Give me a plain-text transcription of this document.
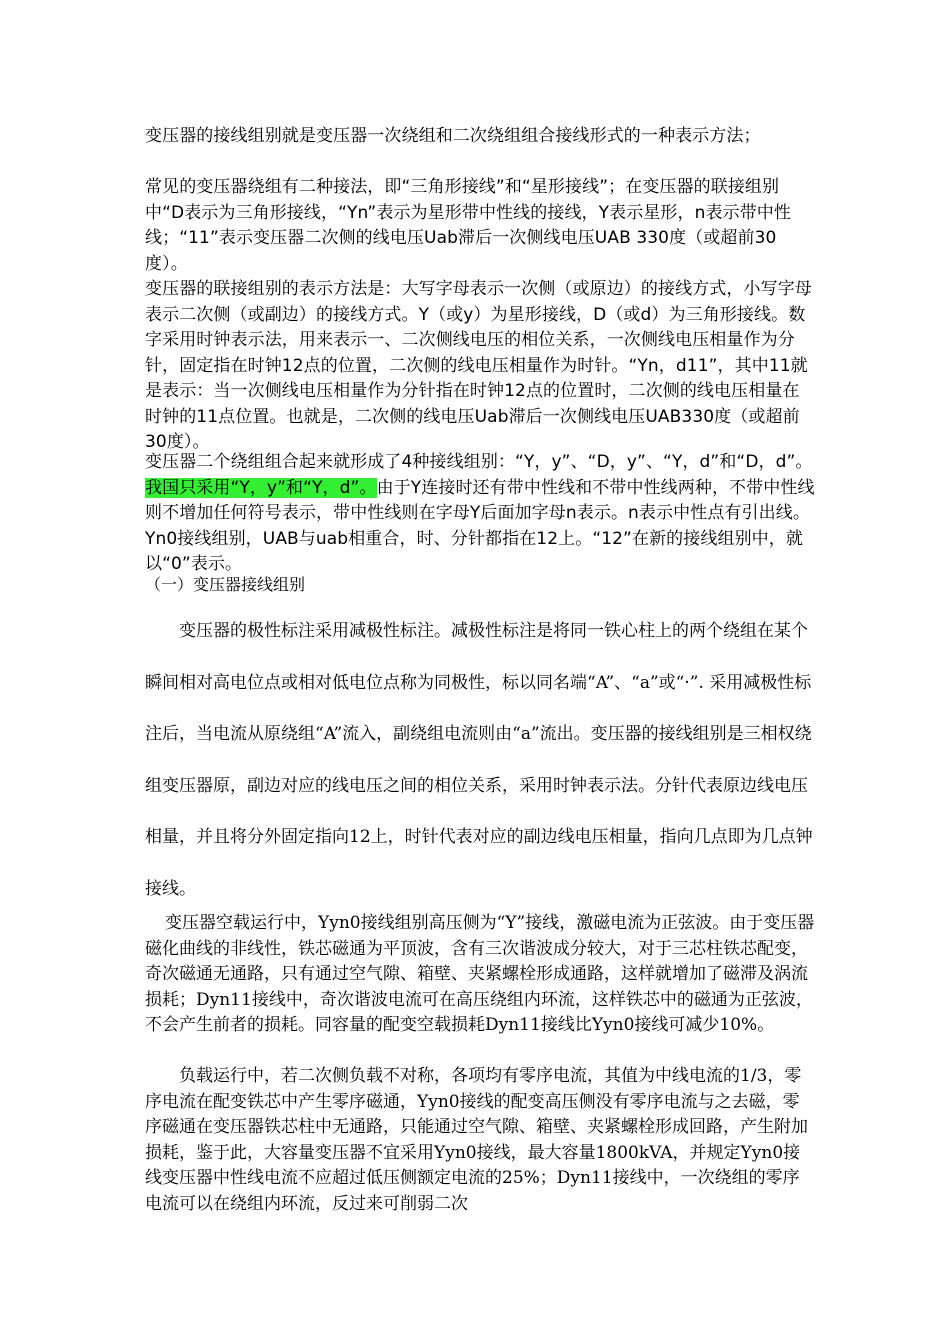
变压器的接线组别就是变压器一次绕组和二次绕组组合接线形式的一种表示方法；

常见的变压器绕组有二种接法，即“三角形接线”和“星形接线”；在变压器的联接组别中“D表示为三角形接线，“Yn”表示为星形带中性线的接线，Y表示星形，n表示带中性线；“11”表示变压器二次侧的线电压Uab滞后一次侧线电压UAB 330度（或超前30度）。

变压器的联接组别的表示方法是：大写字母表示一次侧（或原边）的接线方式，小写字母表示二次侧（或副边）的接线方式。Y（或y）为星形接线，D（或d）为三角形接线。数字采用时钟表示法，用来表示一、二次侧线电压的相位关系，一次侧线电压相量作为分针，固定指在时钟12点的位置，二次侧的线电压相量作为时针。“Yn，d11”，其中11就是表示：当一次侧线电压相量作为分针指在时钟12点的位置时，二次侧的线电压相量在时钟的11点位置。也就是，二次侧的线电压Uab滞后一次侧线电压UAB330度（或超前30度）。

变压器二个绕组组合起来就形成了4种接线组别：“Y，y”、“D，y”、“Y，d”和“D，d”。我国只采用“Y，y”和“Y，d”。由于Y连接时还有带中性线和不带中性线两种，不带中性线则不增加任何符号表示，带中性线则在字母Y后面加字母n表示。n表示中性点有引出线。Yn0接线组别，UAB与uab相重合，时、分针都指在12上。“12”在新的接线组别中，就以“0”表示。

（一）变压器接线组别

变压器的极性标注采用减极性标注。减极性标注是将同一铁心柱上的两个绕组在某个瞬间相对高电位点或相对低电位点称为同极性，标以同名端“A”、“a”或“·”. 采用减极性标注后，当电流从原绕组“A”流入，副绕组电流则由“a”流出。变压器的接线组别是三相权绕组变压器原，副边对应的线电压之间的相位关系，采用时钟表示法。分针代表原边线电压相量，并且将分外固定指向12上，时针代表对应的副边线电压相量，指向几点即为几点钟接线。

变压器空载运行中，Yyn0接线组别高压侧为“Y”接线，激磁电流为正弦波。由于变压器磁化曲线的非线性，铁芯磁通为平顶波，含有三次谐波成分较大，对于三芯柱铁芯配变，奇次磁通无通路，只有通过空气隙、箱壁、夹紧螺栓形成通路，这样就增加了磁滞及涡流损耗；Dyn11接线中，奇次谐波电流可在高压绕组内环流，这样铁芯中的磁通为正弦波，不会产生前者的损耗。同容量的配变空载损耗Dyn11接线比Yyn0接线可减少10%。

负载运行中，若二次侧负载不对称，各项均有零序电流，其值为中线电流的1/3，零序电流在配变铁芯中产生零序磁通，Yyn0接线的配变高压侧没有零序电流与之去磁，零序磁通在变压器铁芯柱中无通路，只能通过空气隙、箱壁、夹紧螺栓形成回路，产生附加损耗，鉴于此，大容量变压器不宜采用Yyn0接线，最大容量1800kVA，并规定Yyn0接线变压器中性线电流不应超过低压侧额定电流的25%；Dyn11接线中，一次绕组的零序电流可以在绕组内环流，反过来可削弱二次
